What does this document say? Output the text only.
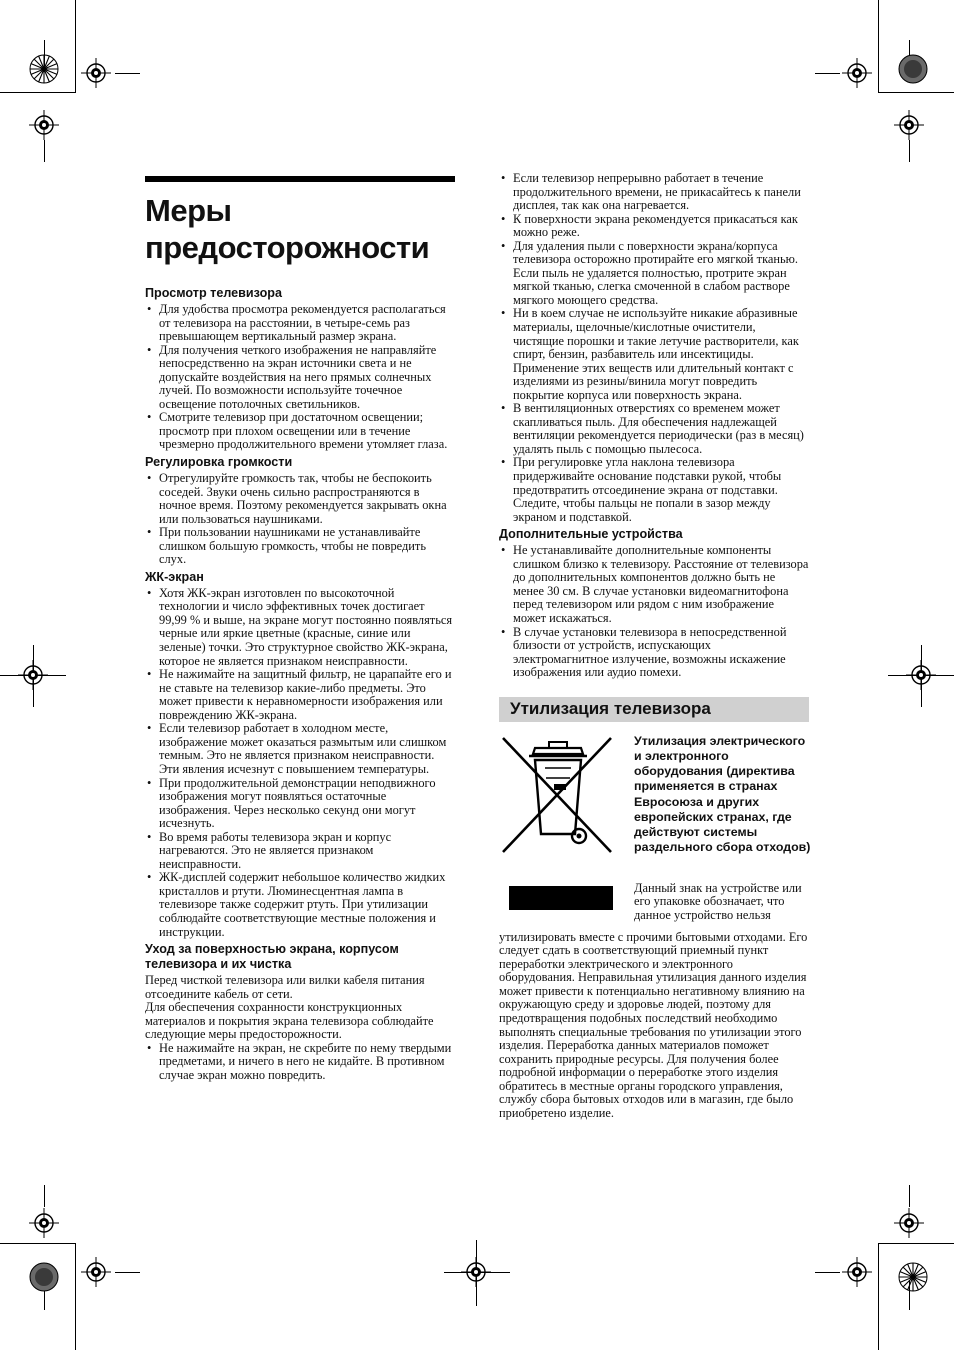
Меры
предосторожности
Просмотр телевизора
• Для удобства просмотра рекомендуется располагаться от телевизора на расстоянии, в четыре-семь раз превышающем вертикальный размер экрана.
• Для получения четкого изображения не направляйте непосредственно на экран источники света и не допускайте воздействия на него прямых солнечных лучей. По возможности используйте точечное освещение потолочных светильников.
• Смотрите телевизор при достаточном освещении; просмотр при плохом освещении или в течение чрезмерно продолжительного времени утомляет глаза.
Регулировка громкости
• Отрегулируйте громкость так, чтобы не беспокоить соседей. Звуки очень сильно распространяются в ночное время. Поэтому рекомендуется закрывать окна или пользоваться наушниками.
• При пользовании наушниками не устанавливайте слишком большую громкость, чтобы не повредить слух.
ЖК-экран
• Хотя ЖК-экран изготовлен по высокоточной технологии и число эффективных точек достигает 99,99 % и выше, на экране могут постоянно появляться черные или яркие цветные (красные, синие или зеленые) точки. Это структурное свойство ЖК-экрана, которое не является признаком неисправности.
• Не нажимайте на защитный фильтр, не царапайте его и не ставьте на телевизор какие-либо предметы. Это может привести к неравномерности изображения или повреждению ЖК-экрана.
• Если телевизор работает в холодном месте, изображение может оказаться размытым или слишком темным. Это не является признаком неисправности. Эти явления исчезнут с повышением температуры.
• При продолжительной демонстрации неподвижного изображения могут появляться остаточные изображения. Через несколько секунд они могут исчезнуть.
• Во время работы телевизора экран и корпус нагреваются. Это не является признаком неисправности.
• ЖК-дисплей содержит небольшое количество жидких кристаллов и ртути. Люминесцентная лампа в телевизоре также содержит ртуть. При утилизации соблюдайте соответствующие местные положения и инструкции.
Уход за поверхностью экрана, корпусом телевизора и их чистка

Перед чисткой телевизора или вилки кабеля питания отсоедините кабель от сети.

Для обеспечения сохранности конструкционных материалов и покрытия экрана телевизора соблюдайте следующие меры предосторожности.

• Не нажимайте на экран, не скребите по нему твердыми предметами, и ничего в него не кидайте. В противном случае экран можно повредить.
• Если телевизор непрерывно работает в течение продолжительного времени, не прикасайтесь к панели дисплея, так как она нагревается.
• К поверхности экрана рекомендуется прикасаться как можно реже.
• Для удаления пыли с поверхности экрана/корпуса телевизора осторожно протирайте его мягкой тканью. Если пыль не удаляется полностью, протрите экран мягкой тканью, слегка смоченной в слабом растворе мягкого моющего средства.
• Ни в коем случае не используйте никакие абразивные материалы, щелочные/кислотные очистители, чистящие порошки и такие летучие растворители, как спирт, бензин, разбавитель или инсектициды. Применение этих веществ или длительный контакт с изделиями из резины/винила могут повредить покрытие корпуса или поверхность экрана.
• В вентиляционных отверстиях со временем может скапливаться пыль. Для обеспечения надлежащей вентиляции рекомендуется периодически (раз в месяц) удалять пыль с помощью пылесоса.
• При регулировке угла наклона телевизора придерживайте основание подставки рукой, чтобы предотвратить отсоединение экрана от подставки. Следите, чтобы пальцы не попали в зазор между экраном и подставкой.
Дополнительные устройства
• Не устанавливайте дополнительные компоненты слишком близко к телевизору. Расстояние от телевизора до дополнительных компонентов должно быть не менее 30 см. В случае установки видеомагнитофона перед телевизором или рядом с ним изображение может искажаться.
• В случае установки телевизора в непосредственной близости от устройств, испускающих электромагнитное излучение, возможны искажение изображения или аудио помехи.
Утилизация телевизора
Утилизация электрического и электронного оборудования (директива применяется в странах Евросоюза и других европейских странах, где действуют системы раздельного сбора отходов)
Данный знак на устройстве или его упаковке обозначает, что данное устройство нельзя

утилизировать вместе с прочими бытовыми отходами. Его следует сдать в соответствующий приемный пункт переработки электрического и электронного оборудования. Неправильная утилизация данного изделия может привести к потенциально негативному влиянию на окружающую среду и здоровье людей, поэтому для предотвращения подобных последствий необходимо выполнять специальные требования по утилизации этого изделия. Переработка данных материалов поможет сохранить природные ресурсы. Для получения более подробной информации о переработке этого изделия обратитесь в местные органы городского управления, службу сбора бытовых отходов или в магазин, где было приобретено изделие.
